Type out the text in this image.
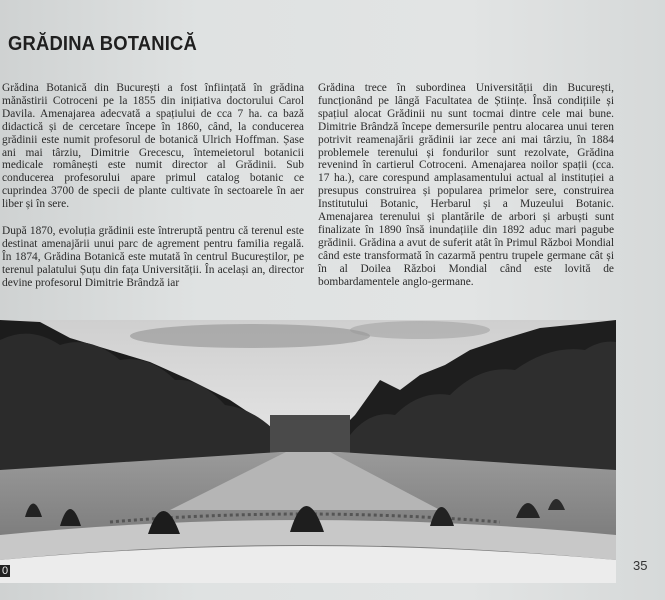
GRĂDINA BOTANICĂ

Grădina Botanică din București a fost înființată în grădina mănăstirii Cotroceni pe la 1855 din inițiativa doctorului Carol Davila. Amenajarea adecvată a spațiului de cca 7 ha. ca bază didactică și de cercetare începe în 1860, când, la conducerea grădinii este numit profesorul de botanică Ulrich Hoffman. Șase ani mai târziu, Dimitrie Grecescu, întemeietorul botanicii medicale românești este numit director al Grădinii. Sub conducerea profesorului apare primul catalog botanic ce cuprindea 3700 de specii de plante cultivate în sectoarele în aer liber și în sere.

După 1870, evoluția grădinii este întreruptă pentru că terenul este destinat amenajării unui parc de agrement pentru familia regală. În 1874, Grădina Botanică este mutată în centrul Bucureștilor, pe terenul palatului Șuțu din fața Universității. În același an, director devine profesorul Dimitrie Brândză iar

Grădina trece în subordinea Universității din București, funcționând pe lângă Facultatea de Științe. Însă condițiile și spațiul alocat Grădinii nu sunt tocmai dintre cele mai bune. Dimitrie Brândză începe demersurile pentru alocarea unui teren potrivit reamenajării grădinii iar zece ani mai târziu, în 1884 problemele terenului și fondurilor sunt rezolvate, Grădina revenind în cartierul Cotroceni. Amenajarea noilor spații (cca. 17 ha.), care corespund amplasamentului actual al instituției a presupus construirea și popularea primelor sere, construirea Institutului Botanic, Herbarul și a Muzeului Botanic. Amenajarea terenului și plantările de arbori și arbuști sunt finalizate în 1890 însă inundațiile din 1892 aduc mari pagube grădinii. Grădina a avut de suferit atât în Primul Război Mondial când este transformată în cazarmă pentru trupele germane cât și în al Doilea Război Mondial când este lovită de bombardamentele anglo-germane.

0	35
